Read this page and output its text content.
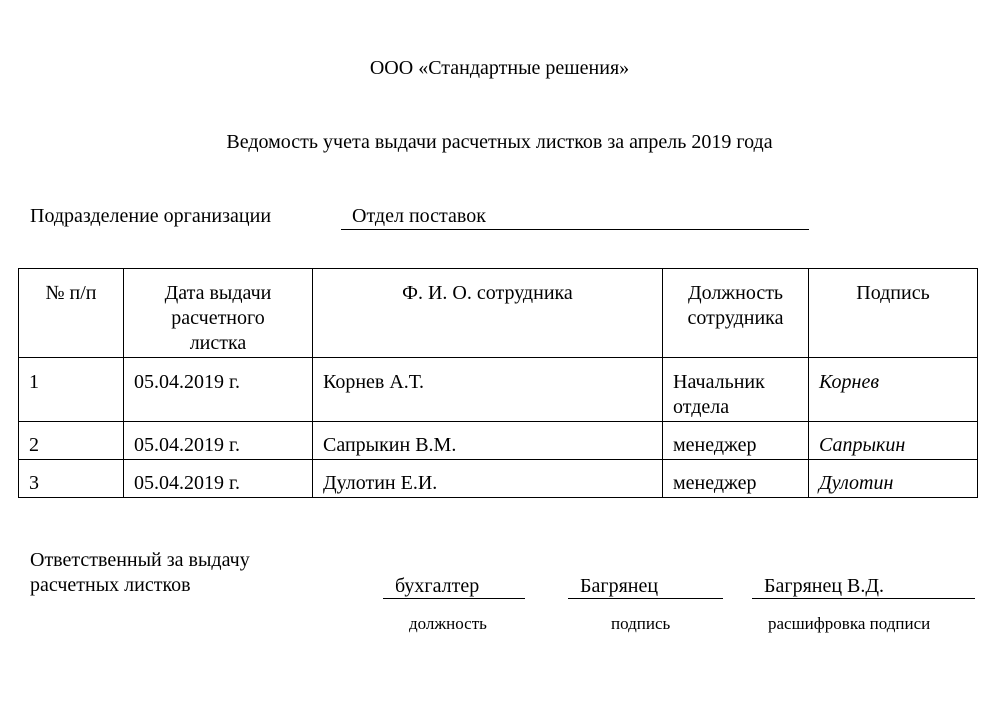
ООО «Стандартные решения»
Ведомость учета выдачи расчетных листков за апрель 2019 года
Подразделение организации	Отдел поставок
№ п/п	Дата выдачи расчетного листка	Ф. И. О. сотрудника	Должность сотрудника	Подпись
1	05.04.2019 г.	Корнев А.Т.	Начальник отдела	Корнев
2	05.04.2019 г.	Сапрыкин В.М.	менеджер	Сапрыкин
3	05.04.2019 г.	Дулотин Е.И.	менеджер	Дулотин
Ответственный за выдачу расчетных листков	бухгалтер
должность
Багрянец
подпись
Багрянец В.Д.
расшифровка подписи
